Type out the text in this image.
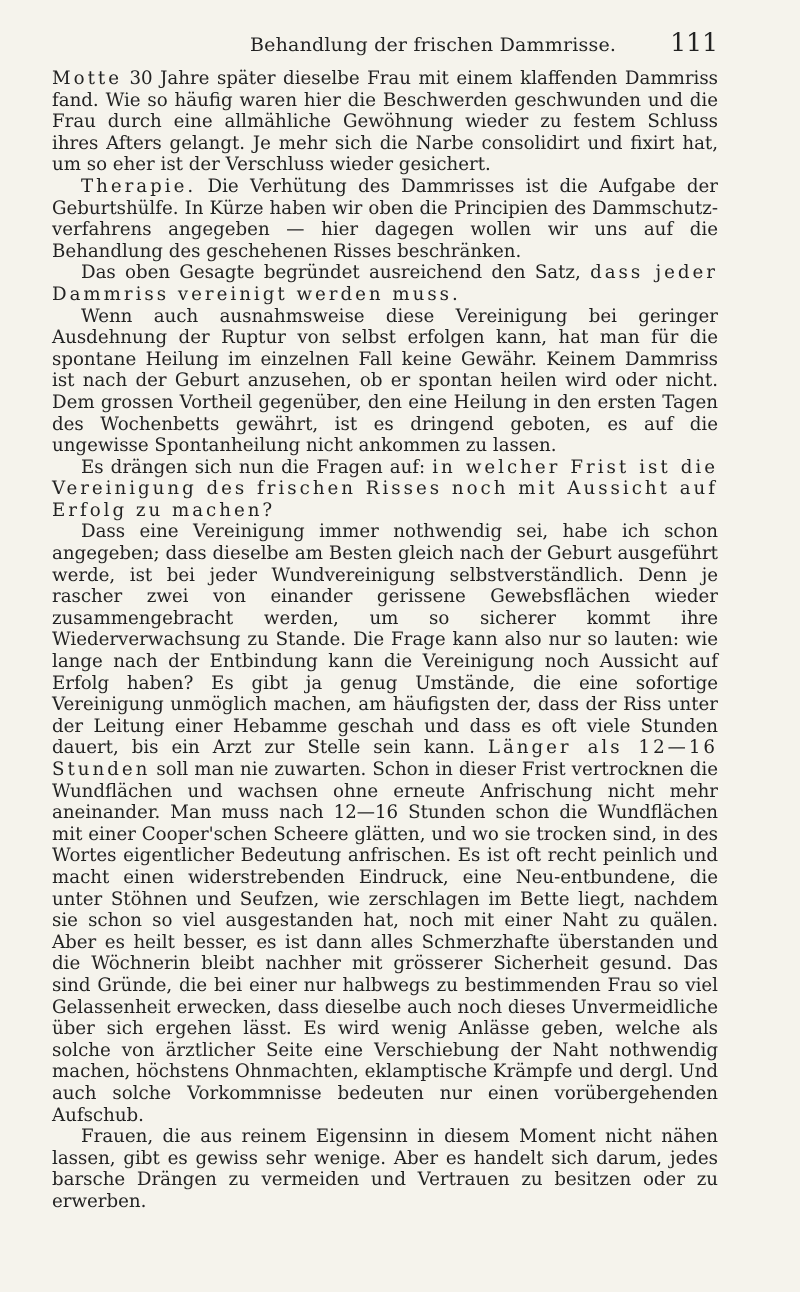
Behandlung der frischen Dammrisse. 111

Motte 30 Jahre später dieselbe Frau mit einem klaffenden Dammriss fand. Wie so häufig waren hier die Beschwerden geschwunden und die Frau durch eine allmähliche Gewöhnung wieder zu festem Schluss ihres Afters gelangt. Je mehr sich die Narbe consolidirt und fixirt hat, um so eher ist der Verschluss wieder gesichert.

Therapie. Die Verhütung des Dammrisses ist die Aufgabe der Geburtshülfe. In Kürze haben wir oben die Principien des Dammschutz-verfahrens angegeben — hier dagegen wollen wir uns auf die Behandlung des geschehenen Risses beschränken.

Das oben Gesagte begründet ausreichend den Satz, dass jeder Dammriss vereinigt werden muss.

Wenn auch ausnahmsweise diese Vereinigung bei geringer Ausdehnung der Ruptur von selbst erfolgen kann, hat man für die spontane Heilung im einzelnen Fall keine Gewähr. Keinem Dammriss ist nach der Geburt anzusehen, ob er spontan heilen wird oder nicht. Dem grossen Vortheil gegenüber, den eine Heilung in den ersten Tagen des Wochenbetts gewährt, ist es dringend geboten, es auf die ungewisse Spontanheilung nicht ankommen zu lassen.

Es drängen sich nun die Fragen auf: in welcher Frist ist die Vereinigung des frischen Risses noch mit Aussicht auf Erfolg zu machen?

Dass eine Vereinigung immer nothwendig sei, habe ich schon angegeben; dass dieselbe am Besten gleich nach der Geburt ausgeführt werde, ist bei jeder Wundvereinigung selbstverständlich. Denn je rascher zwei von einander gerissene Gewebsflächen wieder zusammengebracht werden, um so sicherer kommt ihre Wiederverwachsung zu Stande. Die Frage kann also nur so lauten: wie lange nach der Entbindung kann die Vereinigung noch Aussicht auf Erfolg haben? Es gibt ja genug Umstände, die eine sofortige Vereinigung unmöglich machen, am häufigsten der, dass der Riss unter der Leitung einer Hebamme geschah und dass es oft viele Stunden dauert, bis ein Arzt zur Stelle sein kann. Länger als 12—16 Stunden soll man nie zuwarten. Schon in dieser Frist vertrocknen die Wundflächen und wachsen ohne erneute Anfrischung nicht mehr aneinander. Man muss nach 12—16 Stunden schon die Wundflächen mit einer Cooper'schen Scheere glätten, und wo sie trocken sind, in des Wortes eigentlicher Bedeutung anfrischen. Es ist oft recht peinlich und macht einen widerstrebenden Eindruck, eine Neu-entbundene, die unter Stöhnen und Seufzen, wie zerschlagen im Bette liegt, nachdem sie schon so viel ausgestanden hat, noch mit einer Naht zu quälen. Aber es heilt besser, es ist dann alles Schmerzhafte überstanden und die Wöchnerin bleibt nachher mit grösserer Sicherheit gesund. Das sind Gründe, die bei einer nur halbwegs zu bestimmenden Frau so viel Gelassenheit erwecken, dass dieselbe auch noch dieses Unvermeidliche über sich ergehen lässt. Es wird wenig Anlässe geben, welche als solche von ärztlicher Seite eine Verschiebung der Naht nothwendig machen, höchstens Ohnmachten, eklamptische Krämpfe und dergl. Und auch solche Vorkommnisse bedeuten nur einen vorübergehenden Aufschub.

Frauen, die aus reinem Eigensinn in diesem Moment nicht nähen lassen, gibt es gewiss sehr wenige. Aber es handelt sich darum, jedes barsche Drängen zu vermeiden und Vertrauen zu besitzen oder zu erwerben.
